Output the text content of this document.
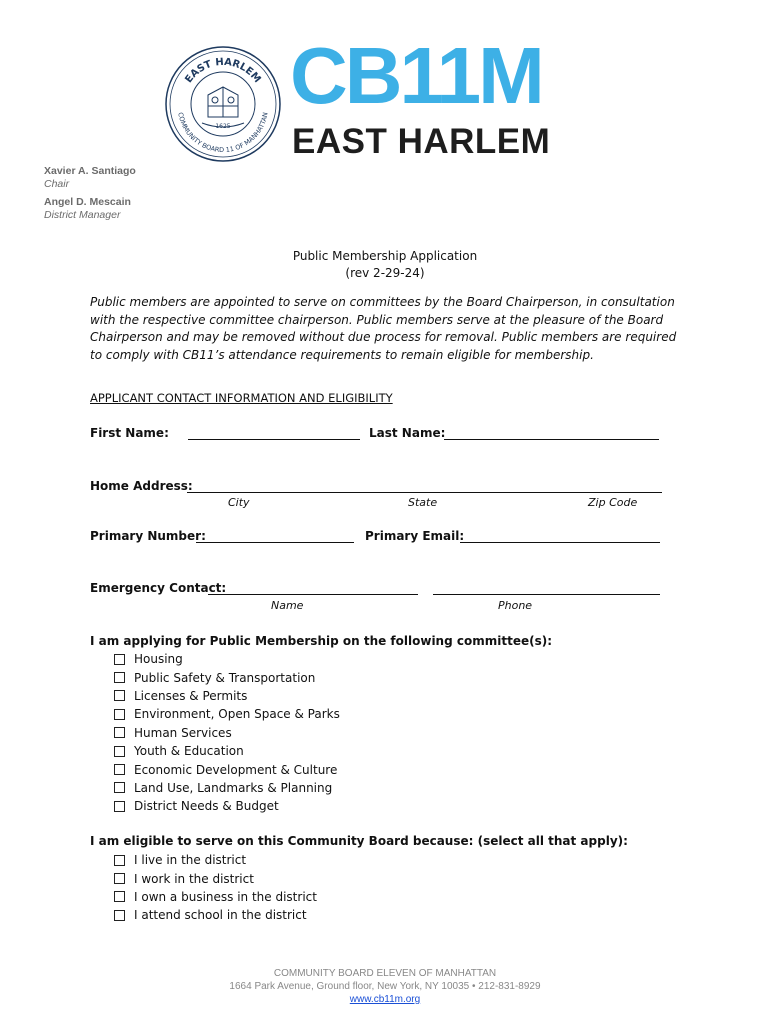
EAST HARLEM
COMMUNITY BOARD 11 OF MANHATTAN
1625
CB11M
EAST HARLEM
Xavier A. Santiago
Chair
Angel D. Mescain
District Manager
Public Membership Application
(rev 2-29-24)
Public members are appointed to serve on committees by the Board Chairperson, in consultation with the respective committee chairperson. Public members serve at the pleasure of the Board Chairperson and may be removed without due process for removal. Public members are required to comply with CB11’s attendance requirements to remain eligible for membership.
APPLICANT CONTACT INFORMATION AND ELIGIBILITY
First Name:	Last Name:
Home Address:
City	State	Zip Code
Primary Number:	Primary Email:
Emergency Contact:
Name	Phone
I am applying for Public Membership on the following committee(s):
Housing
Public Safety & Transportation
Licenses & Permits
Environment, Open Space & Parks
Human Services
Youth & Education
Economic Development & Culture
Land Use, Landmarks & Planning
District Needs & Budget
I am eligible to serve on this Community Board because: (select all that apply):
I live in the district
I work in the district
I own a business in the district
I attend school in the district
COMMUNITY BOARD ELEVEN OF MANHATTAN
1664 Park Avenue, Ground floor, New York, NY 10035 • 212-831-8929
www.cb11m.org
